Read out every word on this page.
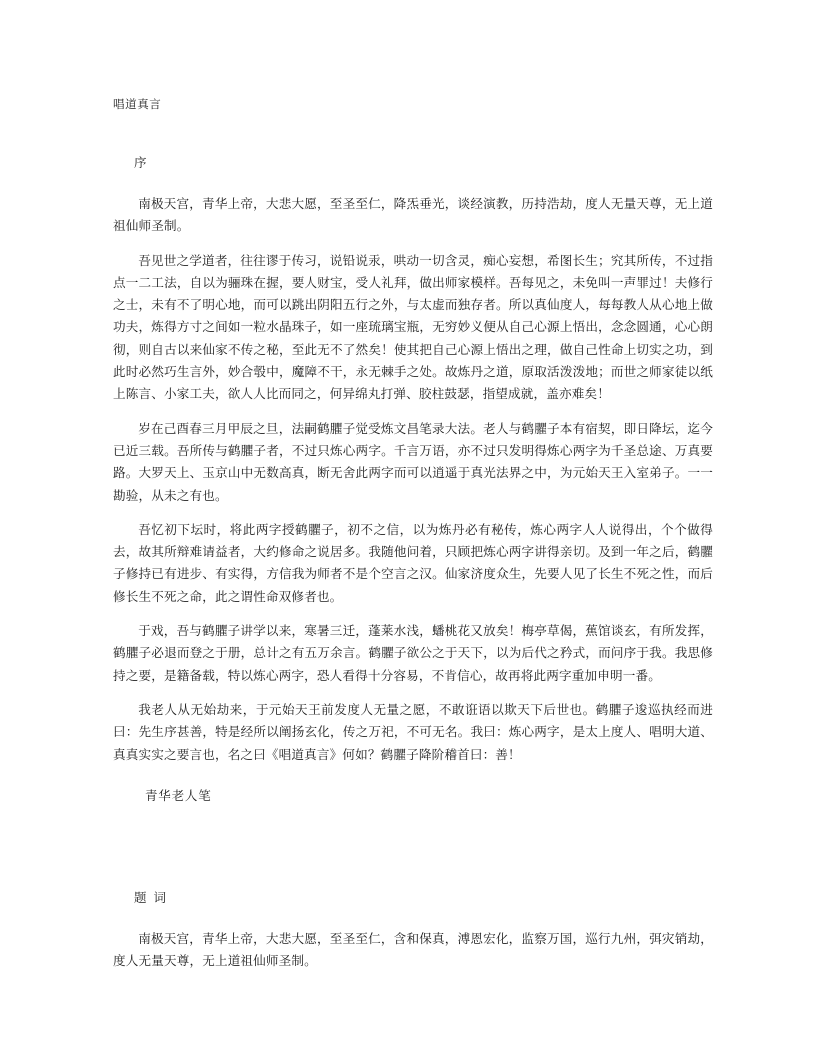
唱道真言
序

南极天宫，青华上帝，大悲大愿，至圣至仁，降炁垂光，谈经演教，历持浩劫，度人无量天尊，无上道祖仙师圣制。

吾见世之学道者，往往谬于传习，说铅说汞，哄动一切含灵，痴心妄想，希图长生；究其所传，不过指点一二工法，自以为骊珠在握，要人财宝，受人礼拜，做出师家模样。吾每见之，未免叫一声罪过！夫修行之士，未有不了明心地，而可以跳出阴阳五行之外，与太虚而独存者。所以真仙度人，每每教人从心地上做功夫，炼得方寸之间如一粒水晶珠子，如一座琉璃宝瓶，无穷妙义便从自己心源上悟出，念念圆通，心心朗彻，则自古以来仙家不传之秘，至此无不了然矣！使其把自己心源上悟出之理，做自己性命上切实之功，到此时必然巧生言外，妙合彀中，魔障不干，永无棘手之处。故炼丹之道，原取活泼泼地；而世之师家徒以纸上陈言、小家工夫，欲人人比而同之，何异绵丸打弹、胶柱鼓瑟，指望成就，盖亦难矣！

岁在己酉春三月甲辰之旦，法嗣鹤臞子觉受炼文昌笔录大法。老人与鹤臞子本有宿契，即日降坛，迄今已近三载。吾所传与鹤臞子者，不过只炼心两字。千言万语，亦不过只发明得炼心两字为千圣总途、万真要路。大罗天上、玉京山中无数高真，断无舍此两字而可以逍遥于真光法界之中，为元始天王入室弟子。一一勘验，从未之有也。

吾忆初下坛时，将此两字授鹤臞子，初不之信，以为炼丹必有秘传，炼心两字人人说得出，个个做得去，故其所辩难请益者，大约修命之说居多。我随他问着，只顾把炼心两字讲得亲切。及到一年之后，鹤臞子修持已有进步、有实得，方信我为师者不是个空言之汉。仙家济度众生，先要人见了长生不死之性，而后修长生不死之命，此之谓性命双修者也。

于戏，吾与鹤臞子讲学以来，寒暑三迁，蓬莱水浅，蟠桃花又放矣！梅亭草偈，蕉馆谈玄，有所发挥，鹤臞子必退而登之于册，总计之有五万余言。鹤臞子欲公之于天下，以为后代之矜式，而问序于我。我思修持之要，是籍备载，特以炼心两字，恐人看得十分容易，不肯信心，故再将此两字重加申明一番。

我老人从无始劫来，于元始天王前发度人无量之愿，不敢诳语以欺天下后世也。鹤臞子逡巡执经而进曰：先生序甚善，特是经所以阐扬玄化，传之万祀，不可无名。我曰：炼心两字，是太上度人、唱明大道、真真实实之要言也，名之曰《唱道真言》何如？鹤臞子降阶稽首曰：善！

青华老人笔

题 词

南极天宫，青华上帝，大悲大愿，至圣至仁，含和保真，溥恩宏化，监察万国，巡行九州，弭灾销劫，度人无量天尊，无上道祖仙师圣制。
